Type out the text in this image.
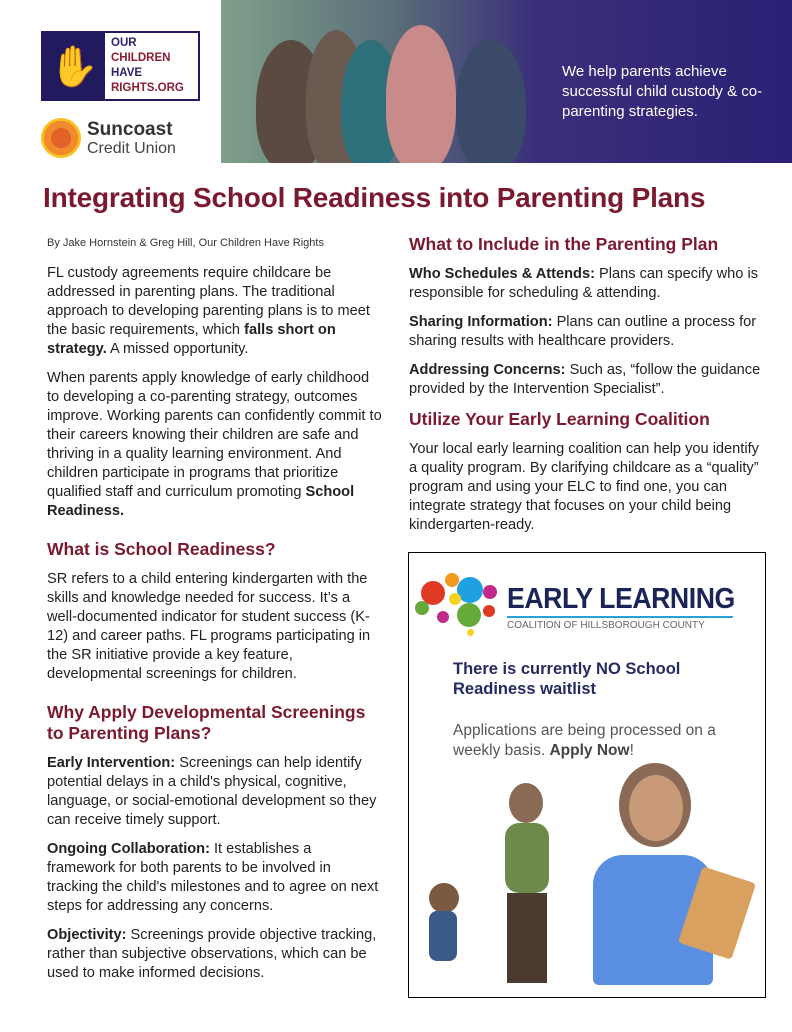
✋
OUR
CHILDREN
HAVE
RIGHTS.ORG
Suncoast
Credit Union
We help parents achieve successful child custody & co-parenting strategies.
Integrating School Readiness into Parenting Plans
By Jake Hornstein & Greg Hill, Our Children Have Rights

FL custody agreements require childcare be addressed in parenting plans. The traditional approach to developing parenting plans is to meet the basic requirements, which falls short on strategy. A missed opportunity.

When parents apply knowledge of early childhood to developing a co-parenting strategy, outcomes improve. Working parents can confidently commit to their careers knowing their children are safe and thriving in a quality learning environment. And children participate in programs that prioritize qualified staff and curriculum promoting School Readiness.

What is School Readiness?

SR refers to a child entering kindergarten with the skills and knowledge needed for success. It’s a well-documented indicator for student success (K-12) and career paths. FL programs participating in the SR initiative provide a key feature, developmental screenings for children.

Why Apply Developmental Screenings to Parenting Plans?

Early Intervention: Screenings can help identify potential delays in a child's physical, cognitive, language, or social-emotional development so they can receive timely support.

Ongoing Collaboration: It establishes a framework for both parents to be involved in tracking the child's milestones and to agree on next steps for addressing any concerns.

Objectivity: Screenings provide objective tracking, rather than subjective observations, which can be used to make informed decisions.

What to Include in the Parenting Plan

Who Schedules & Attends: Plans can specify who is responsible for scheduling & attending.

Sharing Information: Plans can outline a process for sharing results with healthcare providers.

Addressing Concerns: Such as, “follow the guidance provided by the Intervention Specialist”.

Utilize Your Early Learning Coalition

Your local early learning coalition can help you identify a quality program. By clarifying childcare as a “quality” program and using your ELC to find one, you can integrate strategy that focuses on your child being kindergarten-ready.

EARLY LEARNING
COALITION OF HILLSBOROUGH COUNTY
There is currently NO School Readiness waitlist
Applications are being processed on a weekly basis. Apply Now!
